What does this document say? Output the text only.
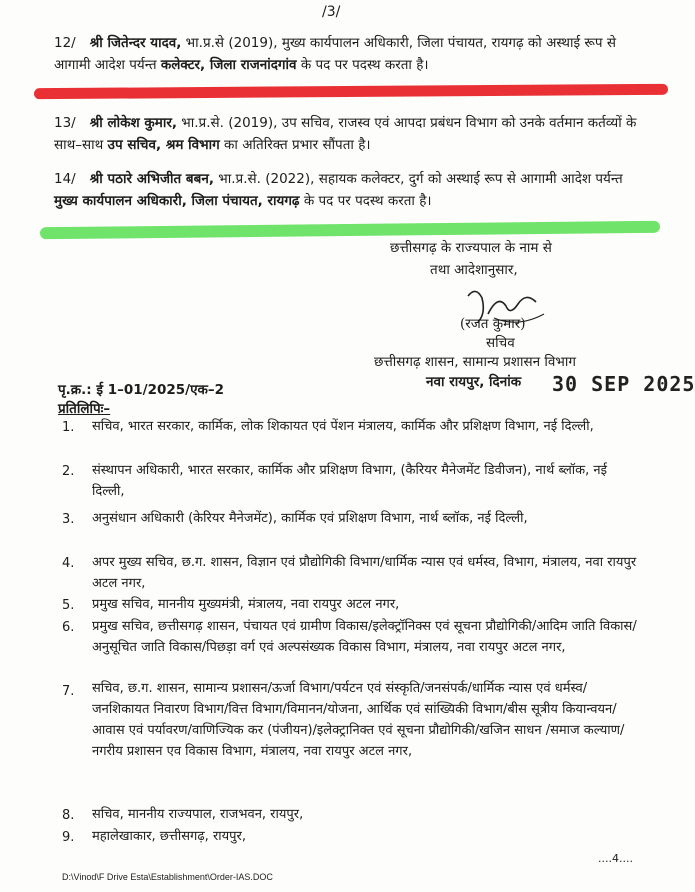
/3/
12/ श्री जितेन्दर यादव, भा.प्र.से (2019), मुख्य कार्यपालन अधिकारी, जिला पंचायत, रायगढ़ को अस्थाई रूप से आगामी आदेश पर्यन्त कलेक्टर, जिला राजनांदगांव के पद पर पदस्थ करता है।
13/ श्री लोकेश कुमार, भा.प्र.से. (2019), उप सचिव, राजस्व एवं आपदा प्रबंधन विभाग को उनके वर्तमान कर्तव्यों के साथ–साथ उप सचिव, श्रम विभाग का अतिरिक्त प्रभार सौंपता है।
14/ श्री पठारे अभिजीत बबन, भा.प्र.से. (2022), सहायक कलेक्टर, दुर्ग को अस्थाई रूप से आगामी आदेश पर्यन्त मुख्य कार्यपालन अधिकारी, जिला पंचायत, रायगढ़ के पद पर पदस्थ करता है।
छत्तीसगढ़ के राज्यपाल के नाम से
तथा आदेशानुसार,
(रजत कुमार)
सचिव
छत्तीसगढ़ शासन, सामान्य प्रशासन विभाग
नवा रायपुर, दिनांक 30 SEP 2025
पृ.क्र.: ई 1–01/2025/एक–2
प्रतिलिपिः–
1. सचिव, भारत सरकार, कार्मिक, लोक शिकायत एवं पेंशन मंत्रालय, कार्मिक और प्रशिक्षण विभाग, नई दिल्ली,
2. संस्थापन अधिकारी, भारत सरकार, कार्मिक और प्रशिक्षण विभाग, (कैरियर मैनेजमेंट डिवीजन), नार्थ ब्लॉक, नई दिल्ली,
3. अनुसंधान अधिकारी (केरियर मैनेजमेंट), कार्मिक एवं प्रशिक्षण विभाग, नार्थ ब्लॉक, नई दिल्ली,
4. अपर मुख्य सचिव, छ.ग. शासन, विज्ञान एवं प्रौद्योगिकी विभाग/धार्मिक न्यास एवं धर्मस्व, विभाग, मंत्रालय, नवा रायपुर अटल नगर,
5. प्रमुख सचिव, माननीय मुख्यमंत्री, मंत्रालय, नवा रायपुर अटल नगर,
6. प्रमुख सचिव, छत्तीसगढ़ शासन, पंचायत एवं ग्रामीण विकास/इलेक्ट्रॉनिक्स एवं सूचना प्रौद्योगिकी/आदिम जाति विकास/अनुसूचित जाति विकास/पिछड़ा वर्ग एवं अल्पसंख्यक विकास विभाग, मंत्रालय, नवा रायपुर अटल नगर,
7. सचिव, छ.ग. शासन, सामान्य प्रशासन/ऊर्जा विभाग/पर्यटन एवं संस्कृति/जनसंपर्क/धार्मिक न्यास एवं धर्मस्व/जनशिकायत निवारण विभाग/वित्त विभाग/विमानन/योजना, आर्थिक एवं सांख्यिकी विभाग/बीस सूत्रीय कियान्वयन/आवास एवं पर्यावरण/वाणिज्यिक कर (पंजीयन)/इलेक्ट्रानिक्त एवं सूचना प्रौद्योगिकी/खजिन साधन /समाज कल्याण/नगरीय प्रशासन एव विकास विभाग, मंत्रालय, नवा रायपुर अटल नगर,
8. सचिव, माननीय राज्यपाल, राजभवन, रायपुर,
9. महालेखाकार, छत्तीसगढ़, रायपुर,
....4....
D:\Vinod\F Drive Esta\Establishment\Order-IAS.DOC
